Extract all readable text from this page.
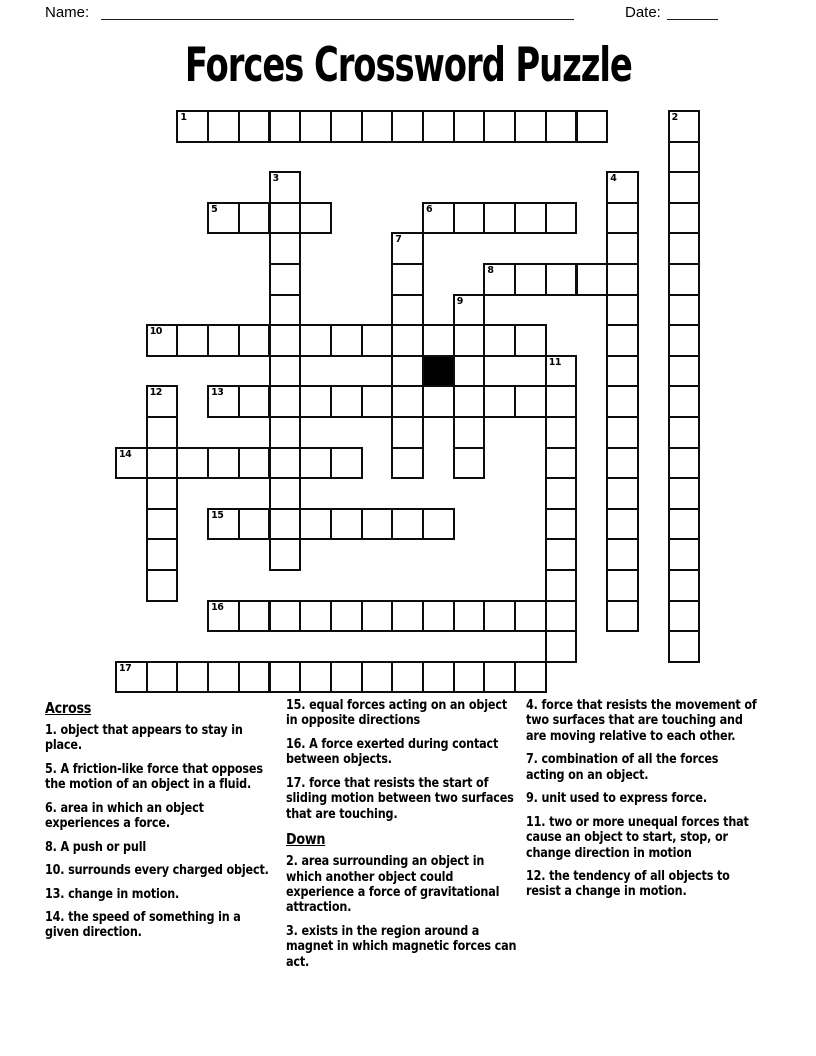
Name:	Date:
Forces Crossword Puzzle
1	2
3	4
5	6
7
8
9
10
11
12	13
14
15
16
17
Across
1. object that appears to stay in place.
5. A friction-like force that opposes the motion of an object in a fluid.
6. area in which an object experiences a force.
8. A push or pull
10. surrounds every charged object.
13. change in motion.
14. the speed of something in a given direction.
15. equal forces acting on an object in opposite directions
16. A force exerted during contact between objects.
17. force that resists the start of sliding motion between two surfaces that are touching.
Down
2. area surrounding an object in which another object could experience a force of gravitational attraction.
3. exists in the region around a magnet in which magnetic forces can act.
4. force that resists the movement of two surfaces that are touching and are moving relative to each other.
7. combination of all the forces acting on an object.
9. unit used to express force.
11. two or more unequal forces that cause an object to start, stop, or change direction in motion
12. the tendency of all objects to resist a change in motion.
